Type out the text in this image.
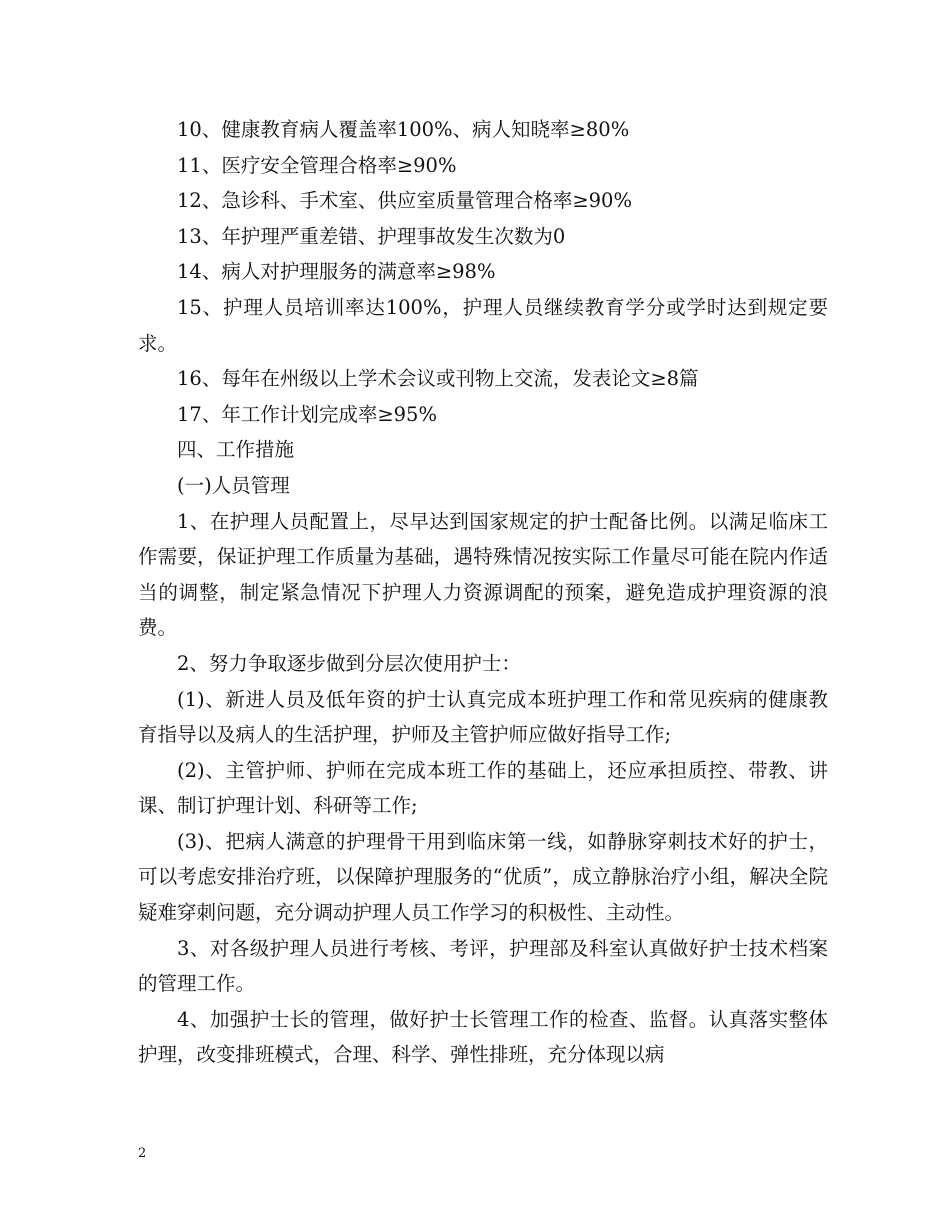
10、健康教育病人覆盖率100%、病人知晓率≥80%

11、医疗安全管理合格率≥90%

12、急诊科、手术室、供应室质量管理合格率≥90%

13、年护理严重差错、护理事故发生次数为0

14、病人对护理服务的满意率≥98%

15、护理人员培训率达100%，护理人员继续教育学分或学时达到规定要求。

16、每年在州级以上学术会议或刊物上交流，发表论文≥8篇

17、年工作计划完成率≥95%

四、工作措施

(一)人员管理

1、在护理人员配置上，尽早达到国家规定的护士配备比例。以满足临床工作需要，保证护理工作质量为基础，遇特殊情况按实际工作量尽可能在院内作适当的调整，制定紧急情况下护理人力资源调配的预案，避免造成护理资源的浪费。

2、努力争取逐步做到分层次使用护士：

(1)、新进人员及低年资的护士认真完成本班护理工作和常见疾病的健康教育指导以及病人的生活护理，护师及主管护师应做好指导工作;

(2)、主管护师、护师在完成本班工作的基础上，还应承担质控、带教、讲课、制订护理计划、科研等工作;

(3)、把病人满意的护理骨干用到临床第一线，如静脉穿刺技术好的护士，可以考虑安排治疗班，以保障护理服务的“优质”，成立静脉治疗小组，解决全院疑难穿刺问题，充分调动护理人员工作学习的积极性、主动性。

3、对各级护理人员进行考核、考评，护理部及科室认真做好护士技术档案的管理工作。

4、加强护士长的管理，做好护士长管理工作的检查、监督。认真落实整体护理，改变排班模式，合理、科学、弹性排班，充分体现以病

2
